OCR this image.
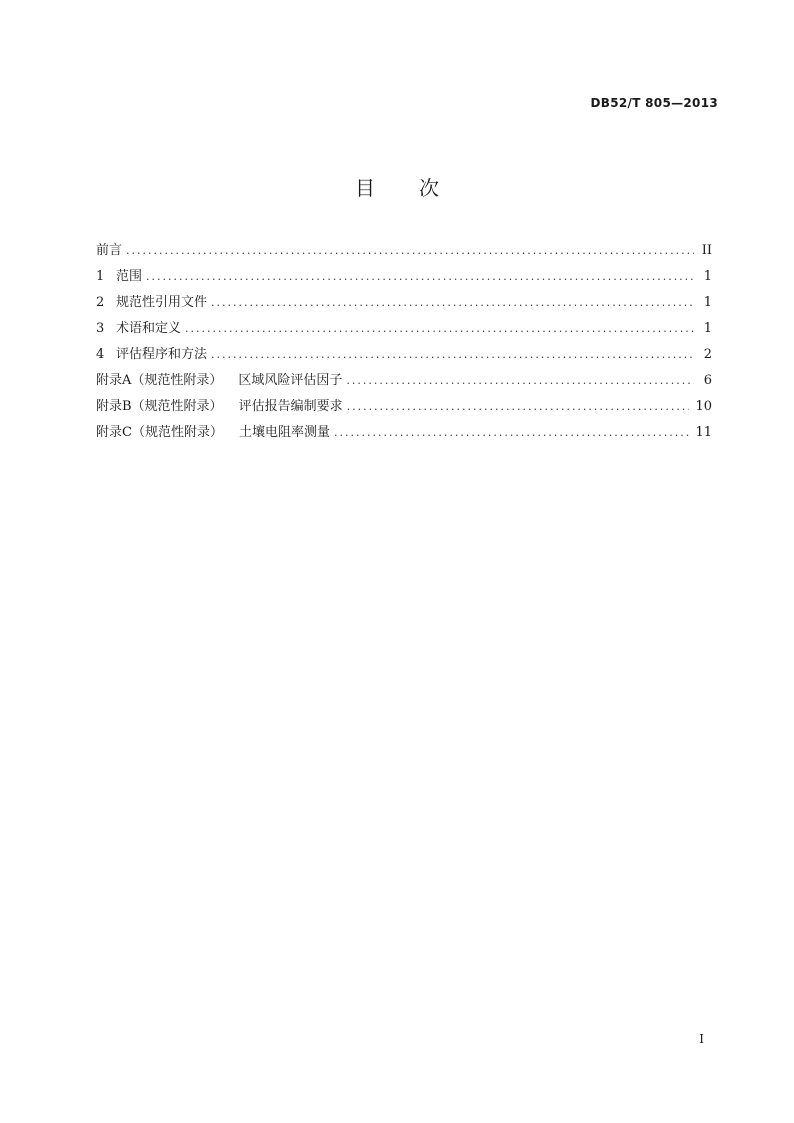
DB52/T 805—2013
目 次
前言 .....	II
1 范围 .....	1
2 规范性引用文件 .....	1
3 术语和定义 .....	1
4 评估程序和方法 .....	2
附录A（规范性附录） 区域风险评估因子 .....	6
附录B（规范性附录） 评估报告编制要求 .....	10
附录C（规范性附录） 土壤电阻率测量 .....	11
I
